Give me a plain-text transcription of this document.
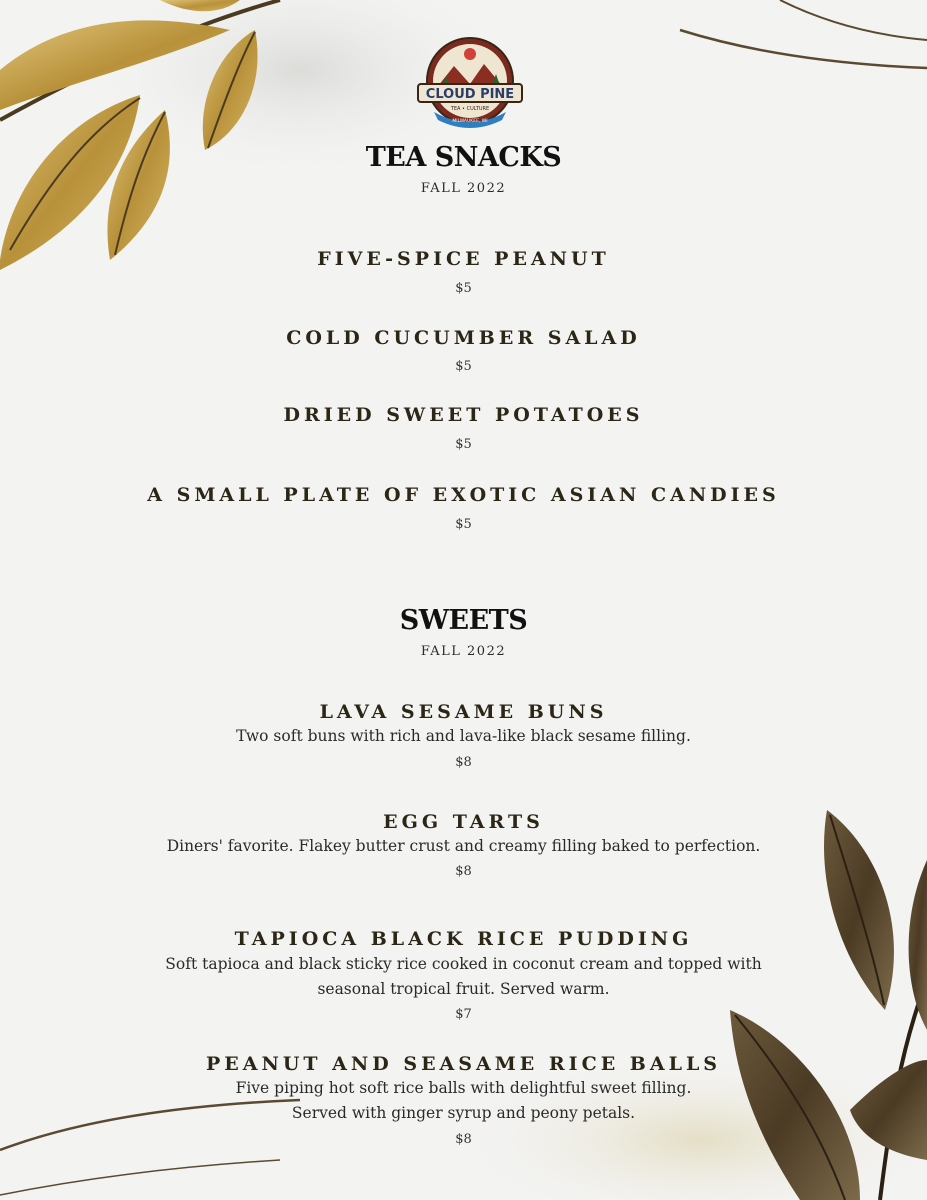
CLOUD PINE
TEA • CULTURE
MILWAUKEE, WI
TEA SNACKS
FALL 2022
FIVE-SPICE PEANUT
$5
COLD CUCUMBER SALAD
$5
DRIED SWEET POTATOES
$5
A SMALL PLATE OF EXOTIC ASIAN CANDIES
$5
SWEETS
FALL 2022
LAVA SESAME BUNS
Two soft buns with rich and lava-like black sesame filling.
$8
EGG TARTS
Diners' favorite. Flakey butter crust and creamy filling baked to perfection.
$8
TAPIOCA BLACK RICE PUDDING
Soft tapioca and black sticky rice cooked in coconut cream and topped with
seasonal tropical fruit. Served warm.
$7
PEANUT AND SEASAME RICE BALLS
Five piping hot soft rice balls with delightful sweet filling.
Served with ginger syrup and peony petals.
$8
